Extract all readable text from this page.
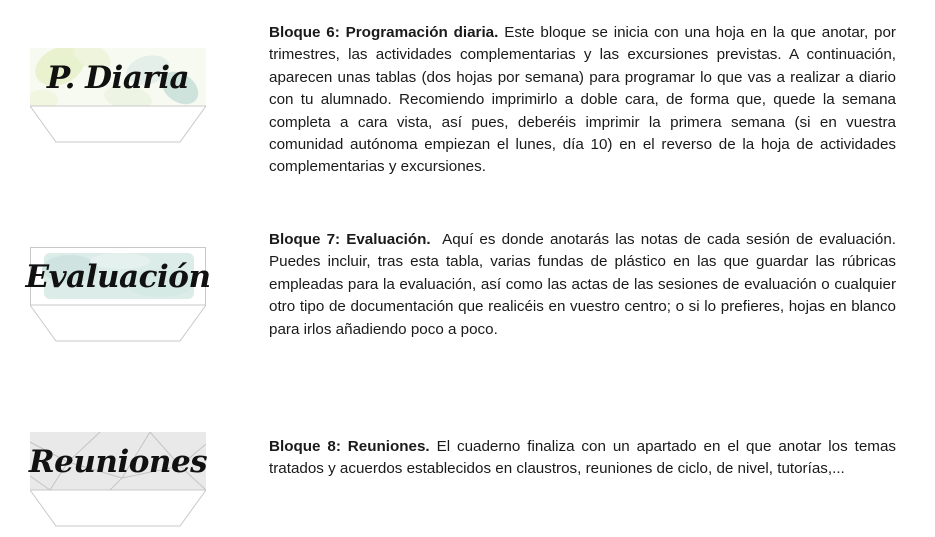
P. Diaria
Bloque 6: Programación diaria. Este bloque se inicia con una hoja en la que anotar, por trimestres, las actividades complementarias y las excursiones previstas. A continuación, aparecen unas tablas (dos hojas por semana) para programar lo que vas a realizar a diario con tu alumnado. Recomiendo imprimirlo a doble cara, de forma que, quede la semana completa a cara vista, así pues, deberéis imprimir la primera semana (si en vuestra comunidad autónoma empiezan el lunes, día 10) en el reverso de la hoja de actividades complementarias y excursiones.
Evaluación
Bloque 7: Evaluación. Aquí es donde anotarás las notas de cada sesión de evaluación. Puedes incluir, tras esta tabla, varias fundas de plástico en las que guardar las rúbricas empleadas para la evaluación, así como las actas de las sesiones de evaluación o cualquier otro tipo de documentación que realicéis en vuestro centro; o si lo prefieres, hojas en blanco para irlos añadiendo poco a poco.
Reuniones	Bloque 8: Reuniones. El cuaderno finaliza con un apartado en el que anotar los temas tratados y acuerdos establecidos en claustros, reuniones de ciclo, de nivel, tutorías,...
